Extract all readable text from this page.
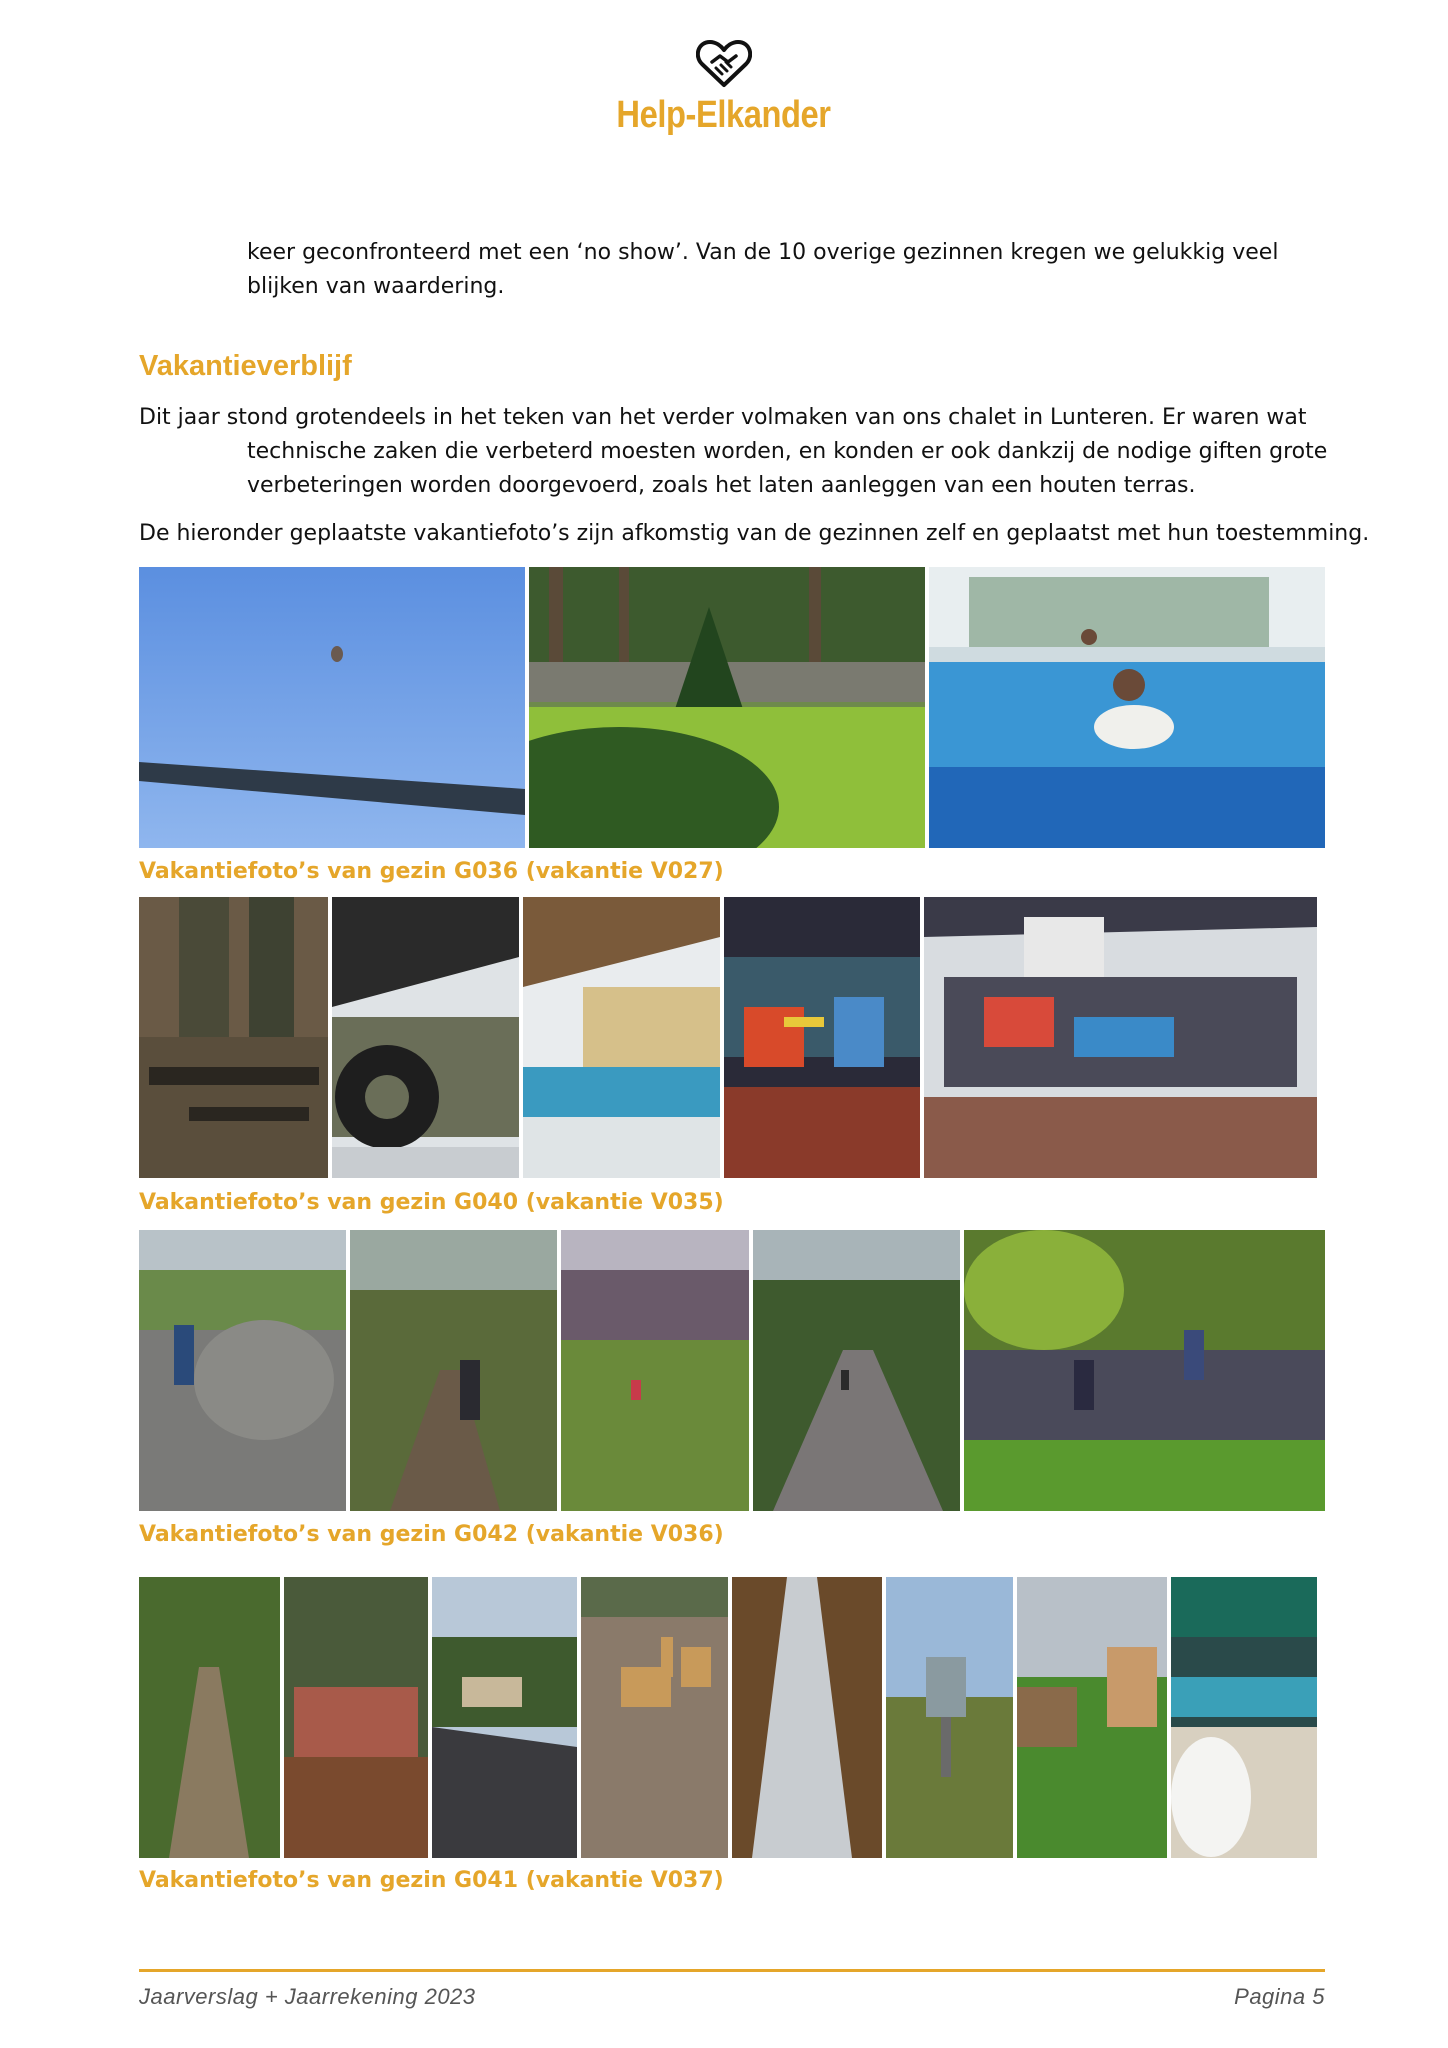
Help-Elkander
keer geconfronteerd met een ‘no show’. Van de 10 overige gezinnen kregen we gelukkig veel
blijken van waardering.
Vakantieverblijf
Dit jaar stond grotendeels in het teken van het verder volmaken van ons chalet in Lunteren. Er waren wat
technische zaken die verbeterd moesten worden, en konden er ook dankzij de nodige giften grote
verbeteringen worden doorgevoerd, zoals het laten aanleggen van een houten terras.
De hieronder geplaatste vakantiefoto’s zijn afkomstig van de gezinnen zelf en geplaatst met hun toestemming.
Vakantiefoto’s van gezin G036 (vakantie V027)
Vakantiefoto’s van gezin G040 (vakantie V035)
Vakantiefoto’s van gezin G042 (vakantie V036)
Vakantiefoto’s van gezin G041 (vakantie V037)
Jaarverslag + Jaarrekening 2023	Pagina 5
